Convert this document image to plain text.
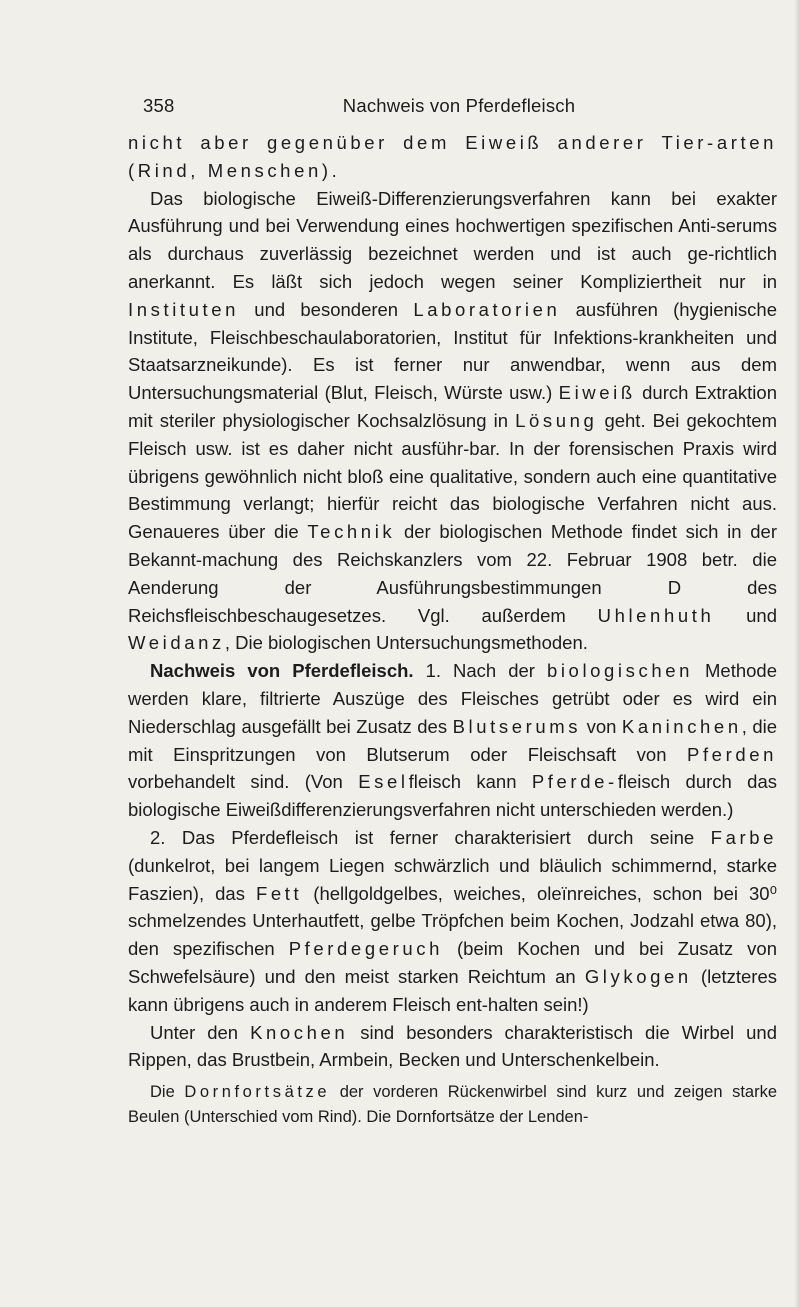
358	Nachweis von Pferdefleisch

nicht aber gegenüber dem Eiweiß anderer Tier-arten (Rind, Menschen).

Das biologische Eiweiß-Differenzierungsverfahren kann bei exakter Ausführung und bei Verwendung eines hochwertigen spezifischen Anti-serums als durchaus zuverlässig bezeichnet werden und ist auch ge-richtlich anerkannt. Es läßt sich jedoch wegen seiner Kompliziertheit nur in Instituten und besonderen Laboratorien ausführen (hygienische Institute, Fleischbeschaulaboratorien, Institut für Infektions-krankheiten und Staatsarzneikunde). Es ist ferner nur anwendbar, wenn aus dem Untersuchungsmaterial (Blut, Fleisch, Würste usw.) Eiweiß durch Extraktion mit steriler physiologischer Kochsalzlösung in Lösung geht. Bei gekochtem Fleisch usw. ist es daher nicht ausführ-bar. In der forensischen Praxis wird übrigens gewöhnlich nicht bloß eine qualitative, sondern auch eine quantitative Bestimmung verlangt; hierfür reicht das biologische Verfahren nicht aus. Genaueres über die Technik der biologischen Methode findet sich in der Bekannt-machung des Reichskanzlers vom 22. Februar 1908 betr. die Aenderung der Ausführungsbestimmungen D des Reichsfleischbeschaugesetzes. Vgl. außerdem Uhlenhuth und Weidanz, Die biologischen Untersuchungsmethoden.

Nachweis von Pferdefleisch. 1. Nach der biologischen Methode werden klare, filtrierte Auszüge des Fleisches getrübt oder es wird ein Niederschlag ausgefällt bei Zusatz des Blutserums von Kaninchen, die mit Einspritzungen von Blutserum oder Fleischsaft von Pferden vorbehandelt sind. (Von Eselfleisch kann Pferde-fleisch durch das biologische Eiweißdifferenzierungsverfahren nicht unterschieden werden.)

2. Das Pferdefleisch ist ferner charakterisiert durch seine Farbe (dunkelrot, bei langem Liegen schwärzlich und bläulich schimmernd, starke Faszien), das Fett (hellgoldgelbes, weiches, oleïnreiches, schon bei 30⁰ schmelzendes Unterhautfett, gelbe Tröpfchen beim Kochen, Jodzahl etwa 80), den spezifischen Pferdegeruch (beim Kochen und bei Zusatz von Schwefelsäure) und den meist starken Reichtum an Glykogen (letzteres kann übrigens auch in anderem Fleisch ent-halten sein!)

Unter den Knochen sind besonders charakteristisch die Wirbel und Rippen, das Brustbein, Armbein, Becken und Unterschenkelbein.

Die Dornfortsätze der vorderen Rückenwirbel sind kurz und zeigen starke Beulen (Unterschied vom Rind). Die Dornfortsätze der Lenden-
